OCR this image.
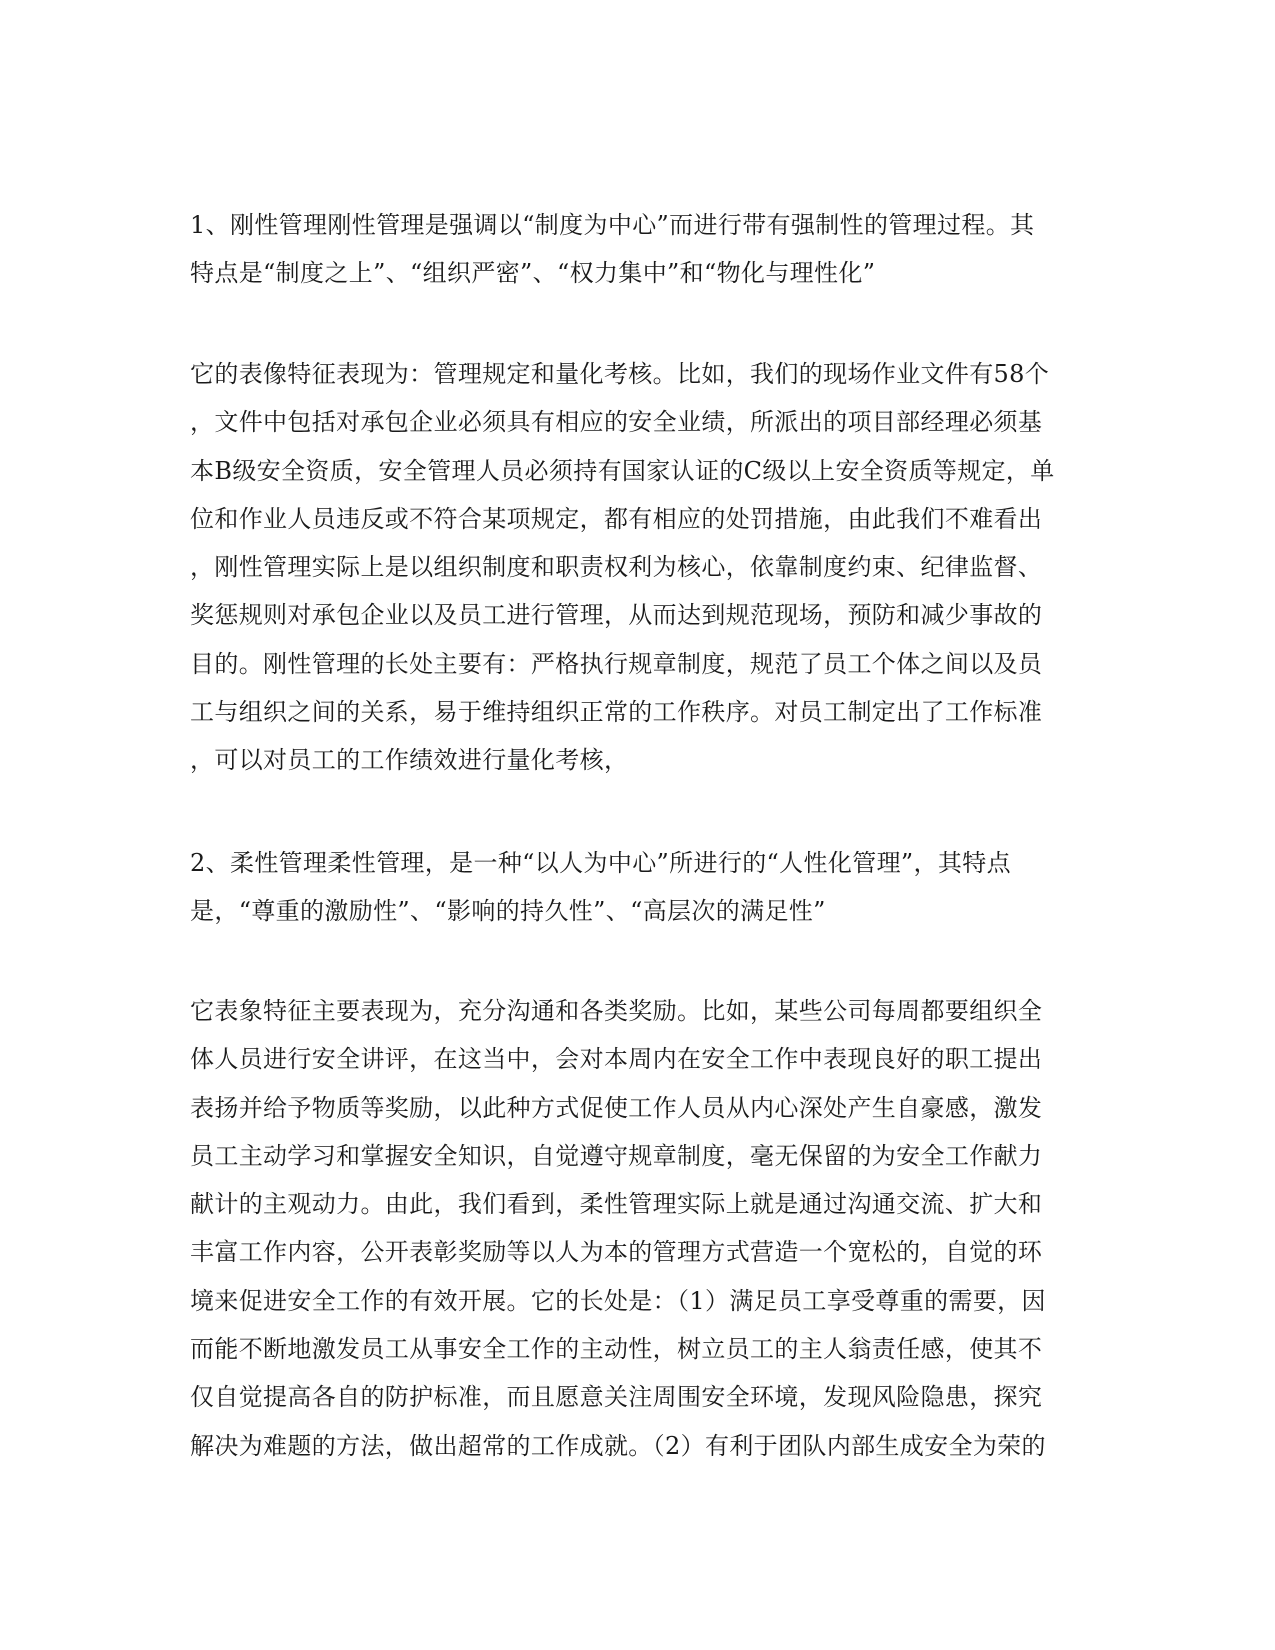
1、刚性管理刚性管理是强调以“制度为中心”而进行带有强制性的管理过程。其
特点是“制度之上”、“组织严密”、“权力集中”和“物化与理性化”
它的表像特征表现为：管理规定和量化考核。比如，我们的现场作业文件有58个
，文件中包括对承包企业必须具有相应的安全业绩，所派出的项目部经理必须基
本B级安全资质，安全管理人员必须持有国家认证的C级以上安全资质等规定，单
位和作业人员违反或不符合某项规定，都有相应的处罚措施，由此我们不难看出
，刚性管理实际上是以组织制度和职责权利为核心，依靠制度约束、纪律监督、
奖惩规则对承包企业以及员工进行管理，从而达到规范现场，预防和减少事故的
目的。刚性管理的长处主要有：严格执行规章制度，规范了员工个体之间以及员
工与组织之间的关系，易于维持组织正常的工作秩序。对员工制定出了工作标准
，可以对员工的工作绩效进行量化考核，
2、柔性管理柔性管理，是一种“以人为中心”所进行的“人性化管理”，其特点
是，“尊重的激励性”、“影响的持久性”、“高层次的满足性”
它表象特征主要表现为，充分沟通和各类奖励。比如，某些公司每周都要组织全
体人员进行安全讲评，在这当中，会对本周内在安全工作中表现良好的职工提出
表扬并给予物质等奖励，以此种方式促使工作人员从内心深处产生自豪感，激发
员工主动学习和掌握安全知识，自觉遵守规章制度，毫无保留的为安全工作献力
献计的主观动力。由此，我们看到，柔性管理实际上就是通过沟通交流、扩大和
丰富工作内容，公开表彰奖励等以人为本的管理方式营造一个宽松的，自觉的环
境来促进安全工作的有效开展。它的长处是：（1）满足员工享受尊重的需要，因
而能不断地激发员工从事安全工作的主动性，树立员工的主人翁责任感，使其不
仅自觉提高各自的防护标准，而且愿意关注周围安全环境，发现风险隐患，探究
解决为难题的方法，做出超常的工作成就。（2）有利于团队内部生成安全为荣的
